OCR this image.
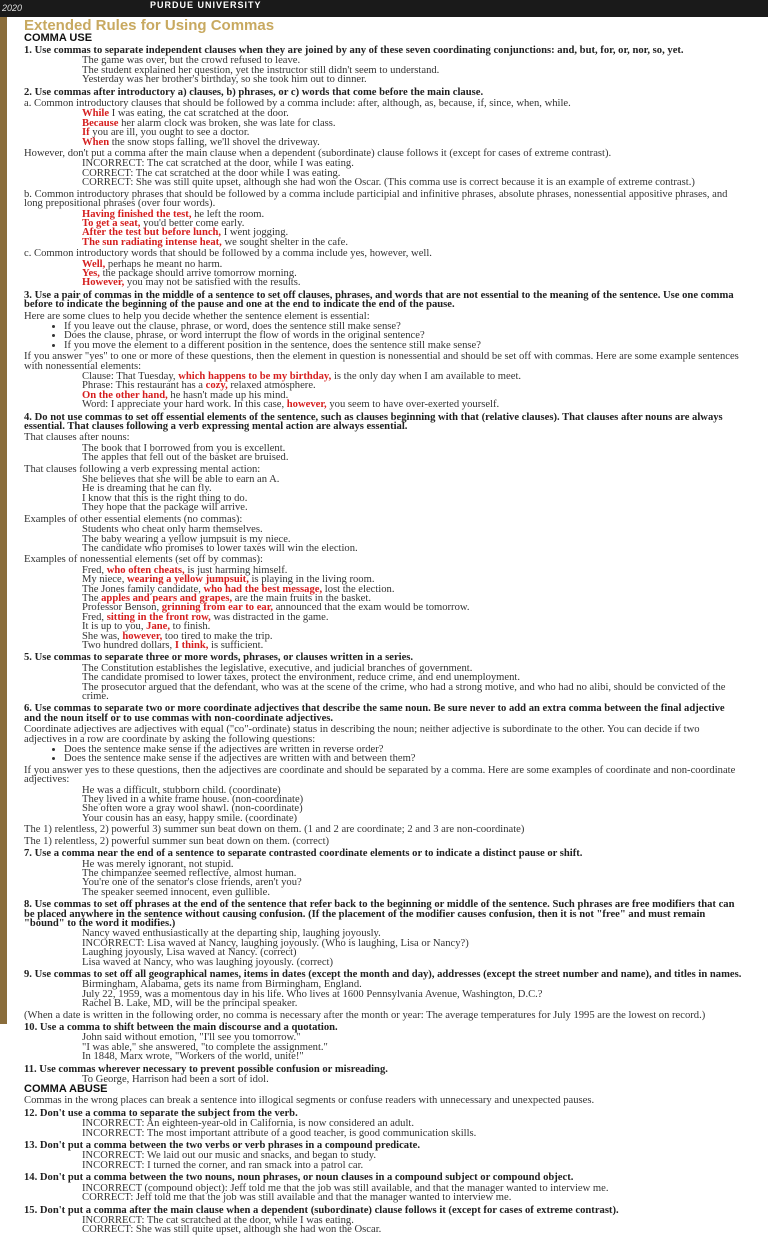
2020	PURDUE UNIVERSITY
Extended Rules for Using Commas
COMMA USE
1. Use commas to separate independent clauses when they are joined by any of these seven coordinating conjunctions: and, but, for, or, nor, so, yet.
The game was over, but the crowd refused to leave.
The student explained her question, yet the instructor still didn't seem to understand.
Yesterday was her brother's birthday, so she took him out to dinner.
2. Use commas after introductory a) clauses, b) phrases, or c) words that come before the main clause.
a. Common introductory clauses that should be followed by a comma include: after, although, as, because, if, since, when, while.
While I was eating, the cat scratched at the door.
Because her alarm clock was broken, she was late for class.
If you are ill, you ought to see a doctor.
When the snow stops falling, we'll shovel the driveway.
However, don't put a comma after the main clause when a dependent (subordinate) clause follows it (except for cases of extreme contrast).
INCORRECT: The cat scratched at the door, while I was eating.
CORRECT: The cat scratched at the door while I was eating.
CORRECT: She was still quite upset, although she had won the Oscar. (This comma use is correct because it is an example of extreme contrast.)
b. Common introductory phrases that should be followed by a comma include participial and infinitive phrases, absolute phrases, nonessential appositive phrases, and long prepositional phrases (over four words).
Having finished the test, he left the room.
To get a seat, you'd better come early.
After the test but before lunch, I went jogging.
The sun radiating intense heat, we sought shelter in the cafe.
c. Common introductory words that should be followed by a comma include yes, however, well.
Well, perhaps he meant no harm.
Yes, the package should arrive tomorrow morning.
However, you may not be satisfied with the results.
3. Use a pair of commas in the middle of a sentence to set off clauses, phrases, and words that are not essential to the meaning of the sentence. Use one comma before to indicate the beginning of the pause and one at the end to indicate the end of the pause.
Here are some clues to help you decide whether the sentence element is essential:
• If you leave out the clause, phrase, or word, does the sentence still make sense?
• Does the clause, phrase, or word interrupt the flow of words in the original sentence?
• If you move the element to a different position in the sentence, does the sentence still make sense?
If you answer "yes" to one or more of these questions, then the element in question is nonessential and should be set off with commas. Here are some example sentences with nonessential elements:
Clause: That Tuesday, which happens to be my birthday, is the only day when I am available to meet.
Phrase: This restaurant has a cozy, relaxed atmosphere.
On the other hand, he hasn't made up his mind.
Word: I appreciate your hard work. In this case, however, you seem to have over-exerted yourself.
4. Do not use commas to set off essential elements of the sentence, such as clauses beginning with that (relative clauses). That clauses after nouns are always essential. That clauses following a verb expressing mental action are always essential.
That clauses after nouns:
The book that I borrowed from you is excellent.
The apples that fell out of the basket are bruised.
That clauses following a verb expressing mental action:
She believes that she will be able to earn an A.
He is dreaming that he can fly.
I know that this is the right thing to do.
They hope that the package will arrive.
Examples of other essential elements (no commas):
Students who cheat only harm themselves.
The baby wearing a yellow jumpsuit is my niece.
The candidate who promises to lower taxes will win the election.
Examples of nonessential elements (set off by commas):
Fred, who often cheats, is just harming himself.
My niece, wearing a yellow jumpsuit, is playing in the living room.
The Jones family candidate, who had the best message, lost the election.
The apples and pears and grapes, are the main fruits in the basket.
Professor Benson, grinning from ear to ear, announced that the exam would be tomorrow.
Fred, sitting in the front row, was distracted in the game.
It is up to you, Jane, to finish.
She was, however, too tired to make the trip.
Two hundred dollars, I think, is sufficient.
5. Use commas to separate three or more words, phrases, or clauses written in a series.
The Constitution establishes the legislative, executive, and judicial branches of government.
The candidate promised to lower taxes, protect the environment, reduce crime, and end unemployment.
The prosecutor argued that the defendant, who was at the scene of the crime, who had a strong motive, and who had no alibi, should be convicted of the crime.
6. Use commas to separate two or more coordinate adjectives that describe the same noun. Be sure never to add an extra comma between the final adjective and the noun itself or to use commas with non-coordinate adjectives.
Coordinate adjectives are adjectives with equal ("co"-ordinate) status in describing the noun; neither adjective is subordinate to the other. You can decide if two adjectives in a row are coordinate by asking the following questions:
• Does the sentence make sense if the adjectives are written in reverse order?
• Does the sentence make sense if the adjectives are written with and between them?
If you answer yes to these questions, then the adjectives are coordinate and should be separated by a comma. Here are some examples of coordinate and non-coordinate adjectives:
He was a difficult, stubborn child. (coordinate)
They lived in a white frame house. (non-coordinate)
She often wore a gray wool shawl. (non-coordinate)
Your cousin has an easy, happy smile. (coordinate)
The 1) relentless, 2) powerful 3) summer sun beat down on them. (1 and 2 are coordinate; 2 and 3 are non-coordinate)
The 1) relentless, 2) powerful summer sun beat down on them. (correct)
7. Use a comma near the end of a sentence to separate contrasted coordinate elements or to indicate a distinct pause or shift.
He was merely ignorant, not stupid.
The chimpanzee seemed reflective, almost human.
You're one of the senator's close friends, aren't you?
The speaker seemed innocent, even gullible.
8. Use commas to set off phrases at the end of the sentence that refer back to the beginning or middle of the sentence. Such phrases are free modifiers that can be placed anywhere in the sentence without causing confusion. (If the placement of the modifier causes confusion, then it is not "free" and must remain "bound" to the word it modifies.)
Nancy waved enthusiastically at the departing ship, laughing joyously.
INCORRECT: Lisa waved at Nancy, laughing joyously. (Who is laughing, Lisa or Nancy?)
Laughing joyously, Lisa waved at Nancy. (correct)
Lisa waved at Nancy, who was laughing joyously. (correct)
9. Use commas to set off all geographical names, items in dates (except the month and day), addresses (except the street number and name), and titles in names.
Birmingham, Alabama, gets its name from Birmingham, England.
July 22, 1959, was a momentous day in his life. Who lives at 1600 Pennsylvania Avenue, Washington, D.C.?
Rachel B. Lake, MD, will be the principal speaker.
(When a date is written in the following order, no comma is necessary after the month or year: The average temperatures for July 1995 are the lowest on record.)
10. Use a comma to shift between the main discourse and a quotation.
John said without emotion, "I'll see you tomorrow."
"I was able," she answered, "to complete the assignment."
In 1848, Marx wrote, "Workers of the world, unite!"
11. Use commas wherever necessary to prevent possible confusion or misreading.
To George, Harrison had been a sort of idol.
COMMA ABUSE
Commas in the wrong places can break a sentence into illogical segments or confuse readers with unnecessary and unexpected pauses.
12. Don't use a comma to separate the subject from the verb.
INCORRECT: An eighteen-year-old in California, is now considered an adult.
INCORRECT: The most important attribute of a good teacher, is good communication skills.
13. Don't put a comma between the two verbs or verb phrases in a compound predicate.
INCORRECT: We laid out our music and snacks, and began to study.
INCORRECT: I turned the corner, and ran smack into a patrol car.
14. Don't put a comma between the two nouns, noun phrases, or noun clauses in a compound subject or compound object.
INCORRECT (compound object): Jeff told me that the job was still available, and that the manager wanted to interview me.
CORRECT: Jeff told me that the job was still available and that the manager wanted to interview me.
15. Don't put a comma after the main clause when a dependent (subordinate) clause follows it (except for cases of extreme contrast).
INCORRECT: The cat scratched at the door, while I was eating.
CORRECT: She was still quite upset, although she had won the Oscar.
